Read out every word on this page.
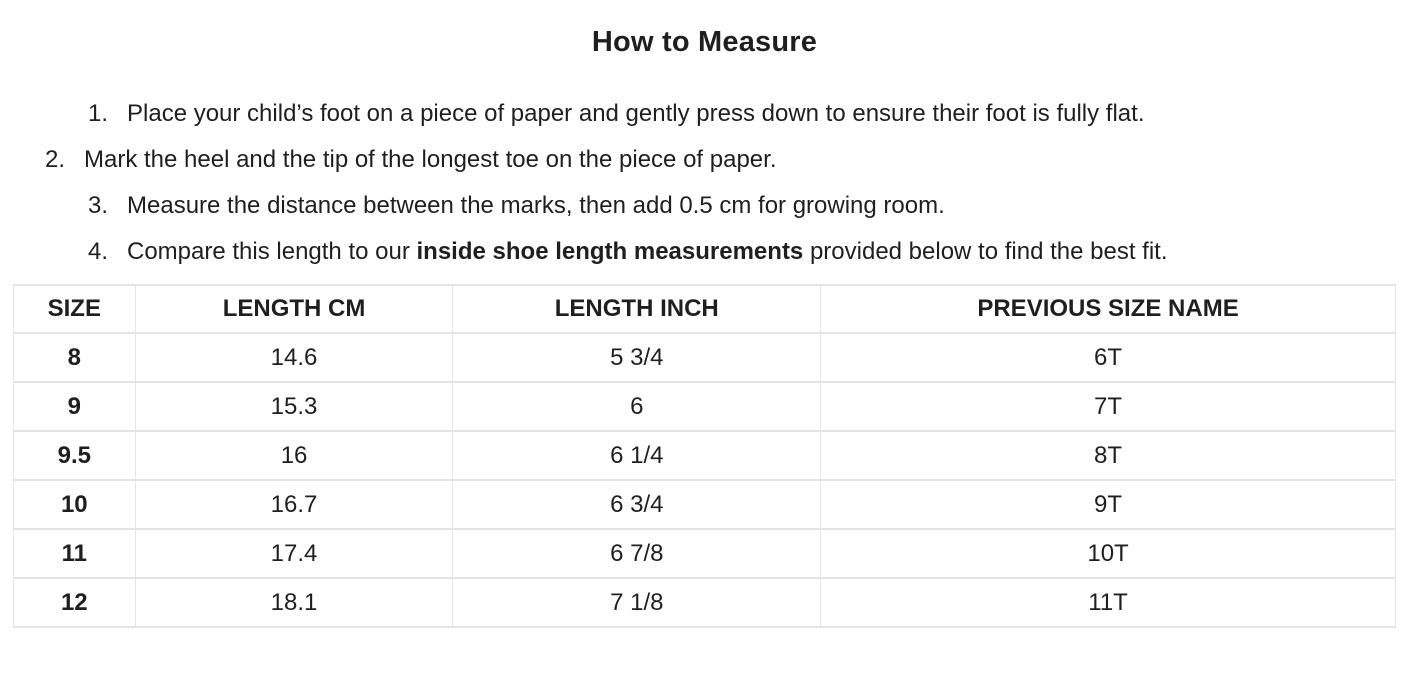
How to Measure
1. Place your child’s foot on a piece of paper and gently press down to ensure their foot is fully flat.
2. Mark the heel and the tip of the longest toe on the piece of paper.
3. Measure the distance between the marks, then add 0.5 cm for growing room.
4. Compare this length to our inside shoe length measurements provided below to find the best fit.
SIZE	LENGTH CM	LENGTH INCH	PREVIOUS SIZE NAME
8	14.6	5 3/4	6T
9	15.3	6	7T
9.5	16	6 1/4	8T
10	16.7	6 3/4	9T
11	17.4	6 7/8	10T
12	18.1	7 1/8	11T
